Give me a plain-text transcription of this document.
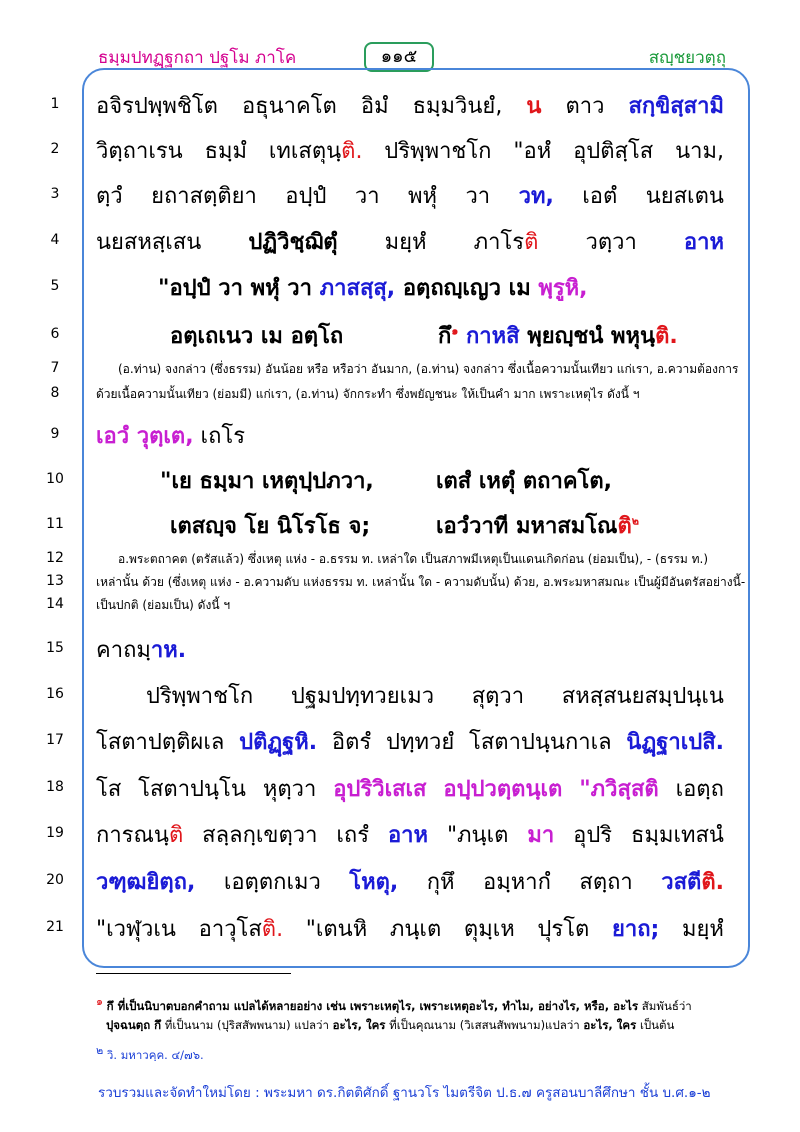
ธมฺมปทฏฺฐกถา ปฐโม ภาโค	๑๑๕	สญฺชยวตฺถุ
1	อจิรปพฺพชิโต อธุนาคโต อิมํ ธมฺมวินยํ, น ตาว สกฺขิสฺสามิ
2	วิตฺถาเรน ธมฺมํ เทเสตุนฺติ. ปริพฺพาชโก "อหํ อุปติสฺโส นาม,
3	ตฺวํ ยถาสตฺติยา อปฺปํ วา พหุํ วา วท, เอตํ นยสเตน
4	นยสหสฺเสน ปฏิวิชฺฌิตุํ มยฺหํ ภาโรติ วตฺวา อาห
5	"อปฺปํ วา พหุํ วา ภาสสฺสุ, อตฺถญฺเญว เม พฺรูหิ,
6	อตฺเถเนว เม อตฺโถ	กึ$^๑$ กาหสิ พฺยญฺชนํ พหุนฺติ.
7	(อ.ท่าน) จงกล่าว (ซึ่งธรรม) อันน้อย หรือ หรือว่า อันมาก, (อ.ท่าน) จงกล่าว ซึ่งเนื้อความนั้นเทียว แก่เรา, อ.ความต้องการ
8	ด้วยเนื้อความนั้นเทียว (ย่อมมี) แก่เรา, (อ.ท่าน) จักกระทำ ซึ่งพยัญชนะ ให้เป็นคำ มาก เพราะเหตุไร ดังนี้ ฯ
9	เอวํ วุตฺเต, เถโร
10	"เย ธมฺมา เหตุปฺปภวา,	เตสํ เหตุํ ตถาคโต,
11	เตสญฺจ โย นิโรโธ จ;	เอวํวาที มหาสมโณติ$^๒$
12	อ.พระตถาคต (ตรัสแล้ว) ซึ่งเหตุ แห่ง - อ.ธรรม ท. เหล่าใด เป็นสภาพมีเหตุเป็นแดนเกิดก่อน (ย่อมเป็น), - (ธรรม ท.)
13	เหล่านั้น ด้วย (ซึ่งเหตุ แห่ง - อ.ความดับ แห่งธรรม ท. เหล่านั้น ใด - ความดับนั้น) ด้วย, อ.พระมหาสมณะ เป็นผู้มีอันตรัสอย่างนี้-
14	เป็นปกติ (ย่อมเป็น) ดังนี้ ฯ
15 คาถมฺาห.
16	ปริพฺพาชโก ปฐมปทฺทวยเมว สุตฺวา สหสฺสนยสมฺปนฺเน
17 โสตาปตฺติผเล ปติฏฺฐหิ. อิตรํ ปทฺทวยํ โสตาปนฺนกาเล นิฏฺฐาเปสิ.
18 โส โสตาปนฺโน หุตฺวา อุปริวิเสเส อปฺปวตฺตนฺเต "ภวิสฺสติ เอตฺถ
19 การณนฺติ สลฺลกฺเขตฺวา เถรํ อาห "ภนฺเต มา อุปริ ธมฺมเทสนํ
20 วฑฺฒยิตฺถ, เอตฺตกเมว โหตุ, กุหึ อมฺหากํ สตฺถา วสตีติ.
21 "เวฬุวเน อาวุโสติ. "เตนหิ ภนฺเต ตุมฺเห ปุรโต ยาถ; มยฺหํ
$^๑$ กึ ที่เป็นนิบาตบอกคำถาม แปลได้หลายอย่าง เช่น เพราะเหตุไร, เพราะเหตุอะไร, ทำไม, อย่างไร, หรือ, อะไร สัมพันธ์ว่า
ปุจฉนตฺถ กึ ที่เป็นนาม (ปุริสสัพพนาม) แปลว่า อะไร, ใคร ที่เป็นคุณนาม (วิเสสนสัพพนาม)แปลว่า อะไร, ใคร เป็นต้น
$^๒$ วิ. มหาวคฺค. ๔/๗๖.
รวบรวมและจัดทำใหม่โดย : พระมหา ดร.กิตติศักดิ์ ฐานวโร ไมตรีจิต ป.ธ.๗ ครูสอนบาลีศึกษา ชั้น บ.ศ.๑-๒
